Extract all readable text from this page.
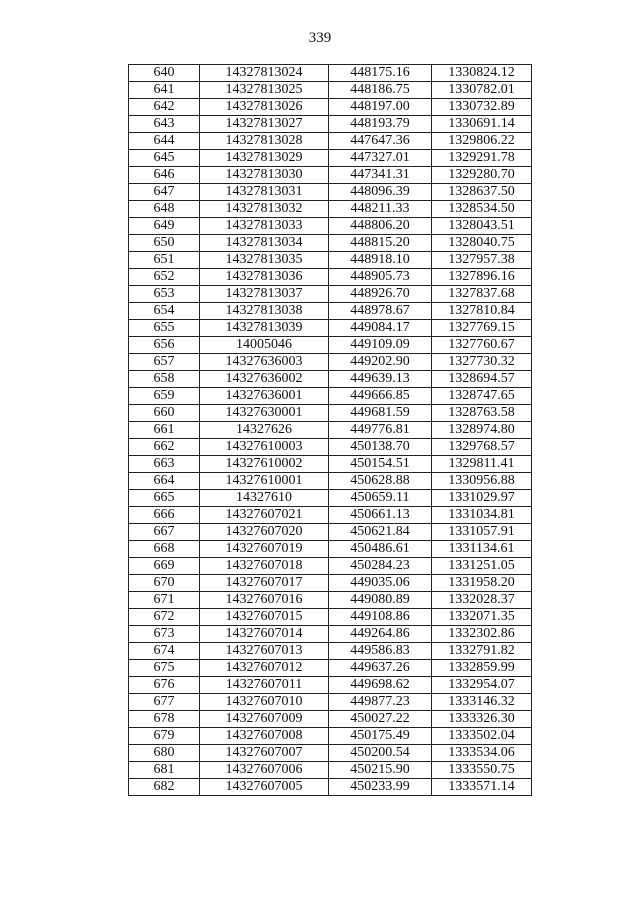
339
640	14327813024	448175.16	1330824.12
641	14327813025	448186.75	1330782.01
642	14327813026	448197.00	1330732.89
643	14327813027	448193.79	1330691.14
644	14327813028	447647.36	1329806.22
645	14327813029	447327.01	1329291.78
646	14327813030	447341.31	1329280.70
647	14327813031	448096.39	1328637.50
648	14327813032	448211.33	1328534.50
649	14327813033	448806.20	1328043.51
650	14327813034	448815.20	1328040.75
651	14327813035	448918.10	1327957.38
652	14327813036	448905.73	1327896.16
653	14327813037	448926.70	1327837.68
654	14327813038	448978.67	1327810.84
655	14327813039	449084.17	1327769.15
656	14005046	449109.09	1327760.67
657	14327636003	449202.90	1327730.32
658	14327636002	449639.13	1328694.57
659	14327636001	449666.85	1328747.65
660	14327630001	449681.59	1328763.58
661	14327626	449776.81	1328974.80
662	14327610003	450138.70	1329768.57
663	14327610002	450154.51	1329811.41
664	14327610001	450628.88	1330956.88
665	14327610	450659.11	1331029.97
666	14327607021	450661.13	1331034.81
667	14327607020	450621.84	1331057.91
668	14327607019	450486.61	1331134.61
669	14327607018	450284.23	1331251.05
670	14327607017	449035.06	1331958.20
671	14327607016	449080.89	1332028.37
672	14327607015	449108.86	1332071.35
673	14327607014	449264.86	1332302.86
674	14327607013	449586.83	1332791.82
675	14327607012	449637.26	1332859.99
676	14327607011	449698.62	1332954.07
677	14327607010	449877.23	1333146.32
678	14327607009	450027.22	1333326.30
679	14327607008	450175.49	1333502.04
680	14327607007	450200.54	1333534.06
681	14327607006	450215.90	1333550.75
682	14327607005	450233.99	1333571.14
